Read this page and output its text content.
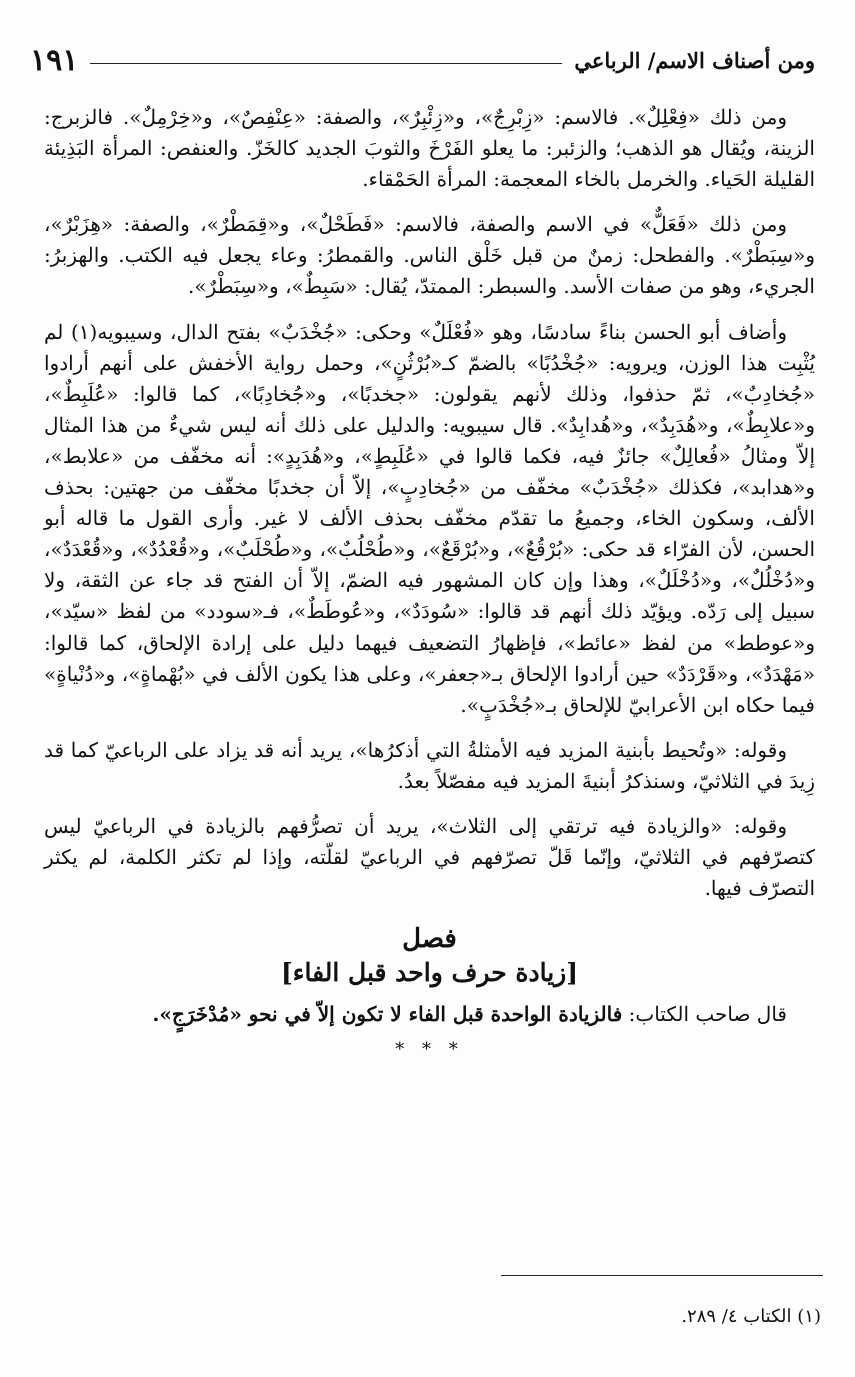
ومن أصناف الاسم/ الرباعي
١٩١

ومن ذلك «فِعْلِلٌ». فالاسم: «زِبْرِجٌ»، و«زِئْبِرٌ»، والصفة: «عِنْفِصٌ»، و«خِرْمِلٌ». فالزبرج: الزينة، ويُقال هو الذهب؛ والزئبر: ما يعلو الفَرْخَ والثوبَ الجديد كالخَزّ. والعنفص: المرأة البَذِيئة القليلة الحَياء. والخرمل بالخاء المعجمة: المرأة الحَمْقاء.

ومن ذلك «فَعَلٌّ» في الاسم والصفة، فالاسم: «فَطَحْلٌ»، و«قِمَطْرٌ»، والصفة: «هِزَبْرٌ»، و«سِبَطْرٌ». والفطحل: زمنٌ من قبل خَلْق الناس. والقمطرُ: وعاء يجعل فيه الكتب. والهزبرُ: الجريء، وهو من صفات الأسد. والسبطر: الممتدّ، يُقال: «سَبِطٌ»، و«سِبَطْرٌ».

وأضاف أبو الحسن بناءً سادسًا، وهو «فُعْلَلٌ» وحكى: «جُخْدَبٌ» بفتح الدال، وسيبويه(١) لم يُثْبِت هذا الوزن، ويرويه: «جُخْدُبًا» بالضمّ كـ«بُرْثُنٍ»، وحمل رواية الأخفش على أنهم أرادوا «جُخادِبٌ»، ثمّ حذفوا، وذلك لأنهم يقولون: «جخدبًا»، و«جُخادِبًا»، كما قالوا: «عُلَبِطٌ»، و«علابِطٌ»، و«هُدَبِدٌ»، و«هُدابِدٌ». قال سيبويه: والدليل على ذلك أنه ليس شيءٌ من هذا المثال إلاّ ومثالُ «فُعالِلٌ» جائزٌ فيه، فكما قالوا في «عُلَبِطٍ»، و«هُدَبِدٍ»: أنه مخفّف من «علابط»، و«هدابد»، فكذلك «جُخْدَبٌ» مخفّف من «جُخادِبٍ»، إلاّ أن جخدبًا مخفّف من جهتين: بحذف الألف، وسكون الخاء، وجميعُ ما تقدّم مخفّف بحذف الألف لا غير. وأرى القول ما قاله أبو الحسن، لأن الفرّاء قد حكى: «بُرْقُعٌ»، و«بُرْقَعٌ»، و«طُحْلُبٌ»، و«طُحْلَبٌ»، و«قُعْدُدٌ»، و«قُعْدَدٌ»، و«دُخْلُلٌ»، و«دُخْلَلٌ»، وهذا وإن كان المشهور فيه الضمّ، إلاّ أن الفتح قد جاء عن الثقة، ولا سبيل إلى رَدّه. ويؤيّد ذلك أنهم قد قالوا: «سُودَدٌ»، و«عُوطَطٌ»، فـ«سودد» من لفظ «سيّد»، و«عوطط» من لفظ «عائط»، فإظهارُ التضعيف فيهما دليل على إرادة الإلحاق، كما قالوا: «مَهْدَدٌ»، و«قَرْدَدٌ» حين أرادوا الإلحاق بـ«جعفر»، وعلى هذا يكون الألف في «بُهْماةٍ»، و«دُنْياةٍ» فيما حكاه ابن الأعرابيّ للإلحاق بـ«جُخْدَبٍ».

وقوله: «وتُحيط بأبنية المزيد فيه الأمثلةُ التي أذكرُها»، يريد أنه قد يزاد على الرباعيّ كما قد زِيدَ في الثلاثيّ، وسنذكرُ أبنيةَ المزيد فيه مفصّلاً بعدُ.

وقوله: «والزيادة فيه ترتقي إلى الثلاث»، يريد أن تصرُّفهم بالزيادة في الرباعيّ ليس كتصرّفهم في الثلاثيّ، وإنّما قَلّ تصرّفهم في الرباعيّ لقلّته، وإذا لم تكثر الكلمة، لم يكثر التصرّف فيها.

فصل
[زيادة حرف واحد قبل الفاء]
قال صاحب الكتاب: فالزيادة الواحدة قبل الفاء لا تكون إلاّ في نحو «مُدْخَرَجٍ».
* * *
(١) الكتاب ٤/ ٢٨٩.
